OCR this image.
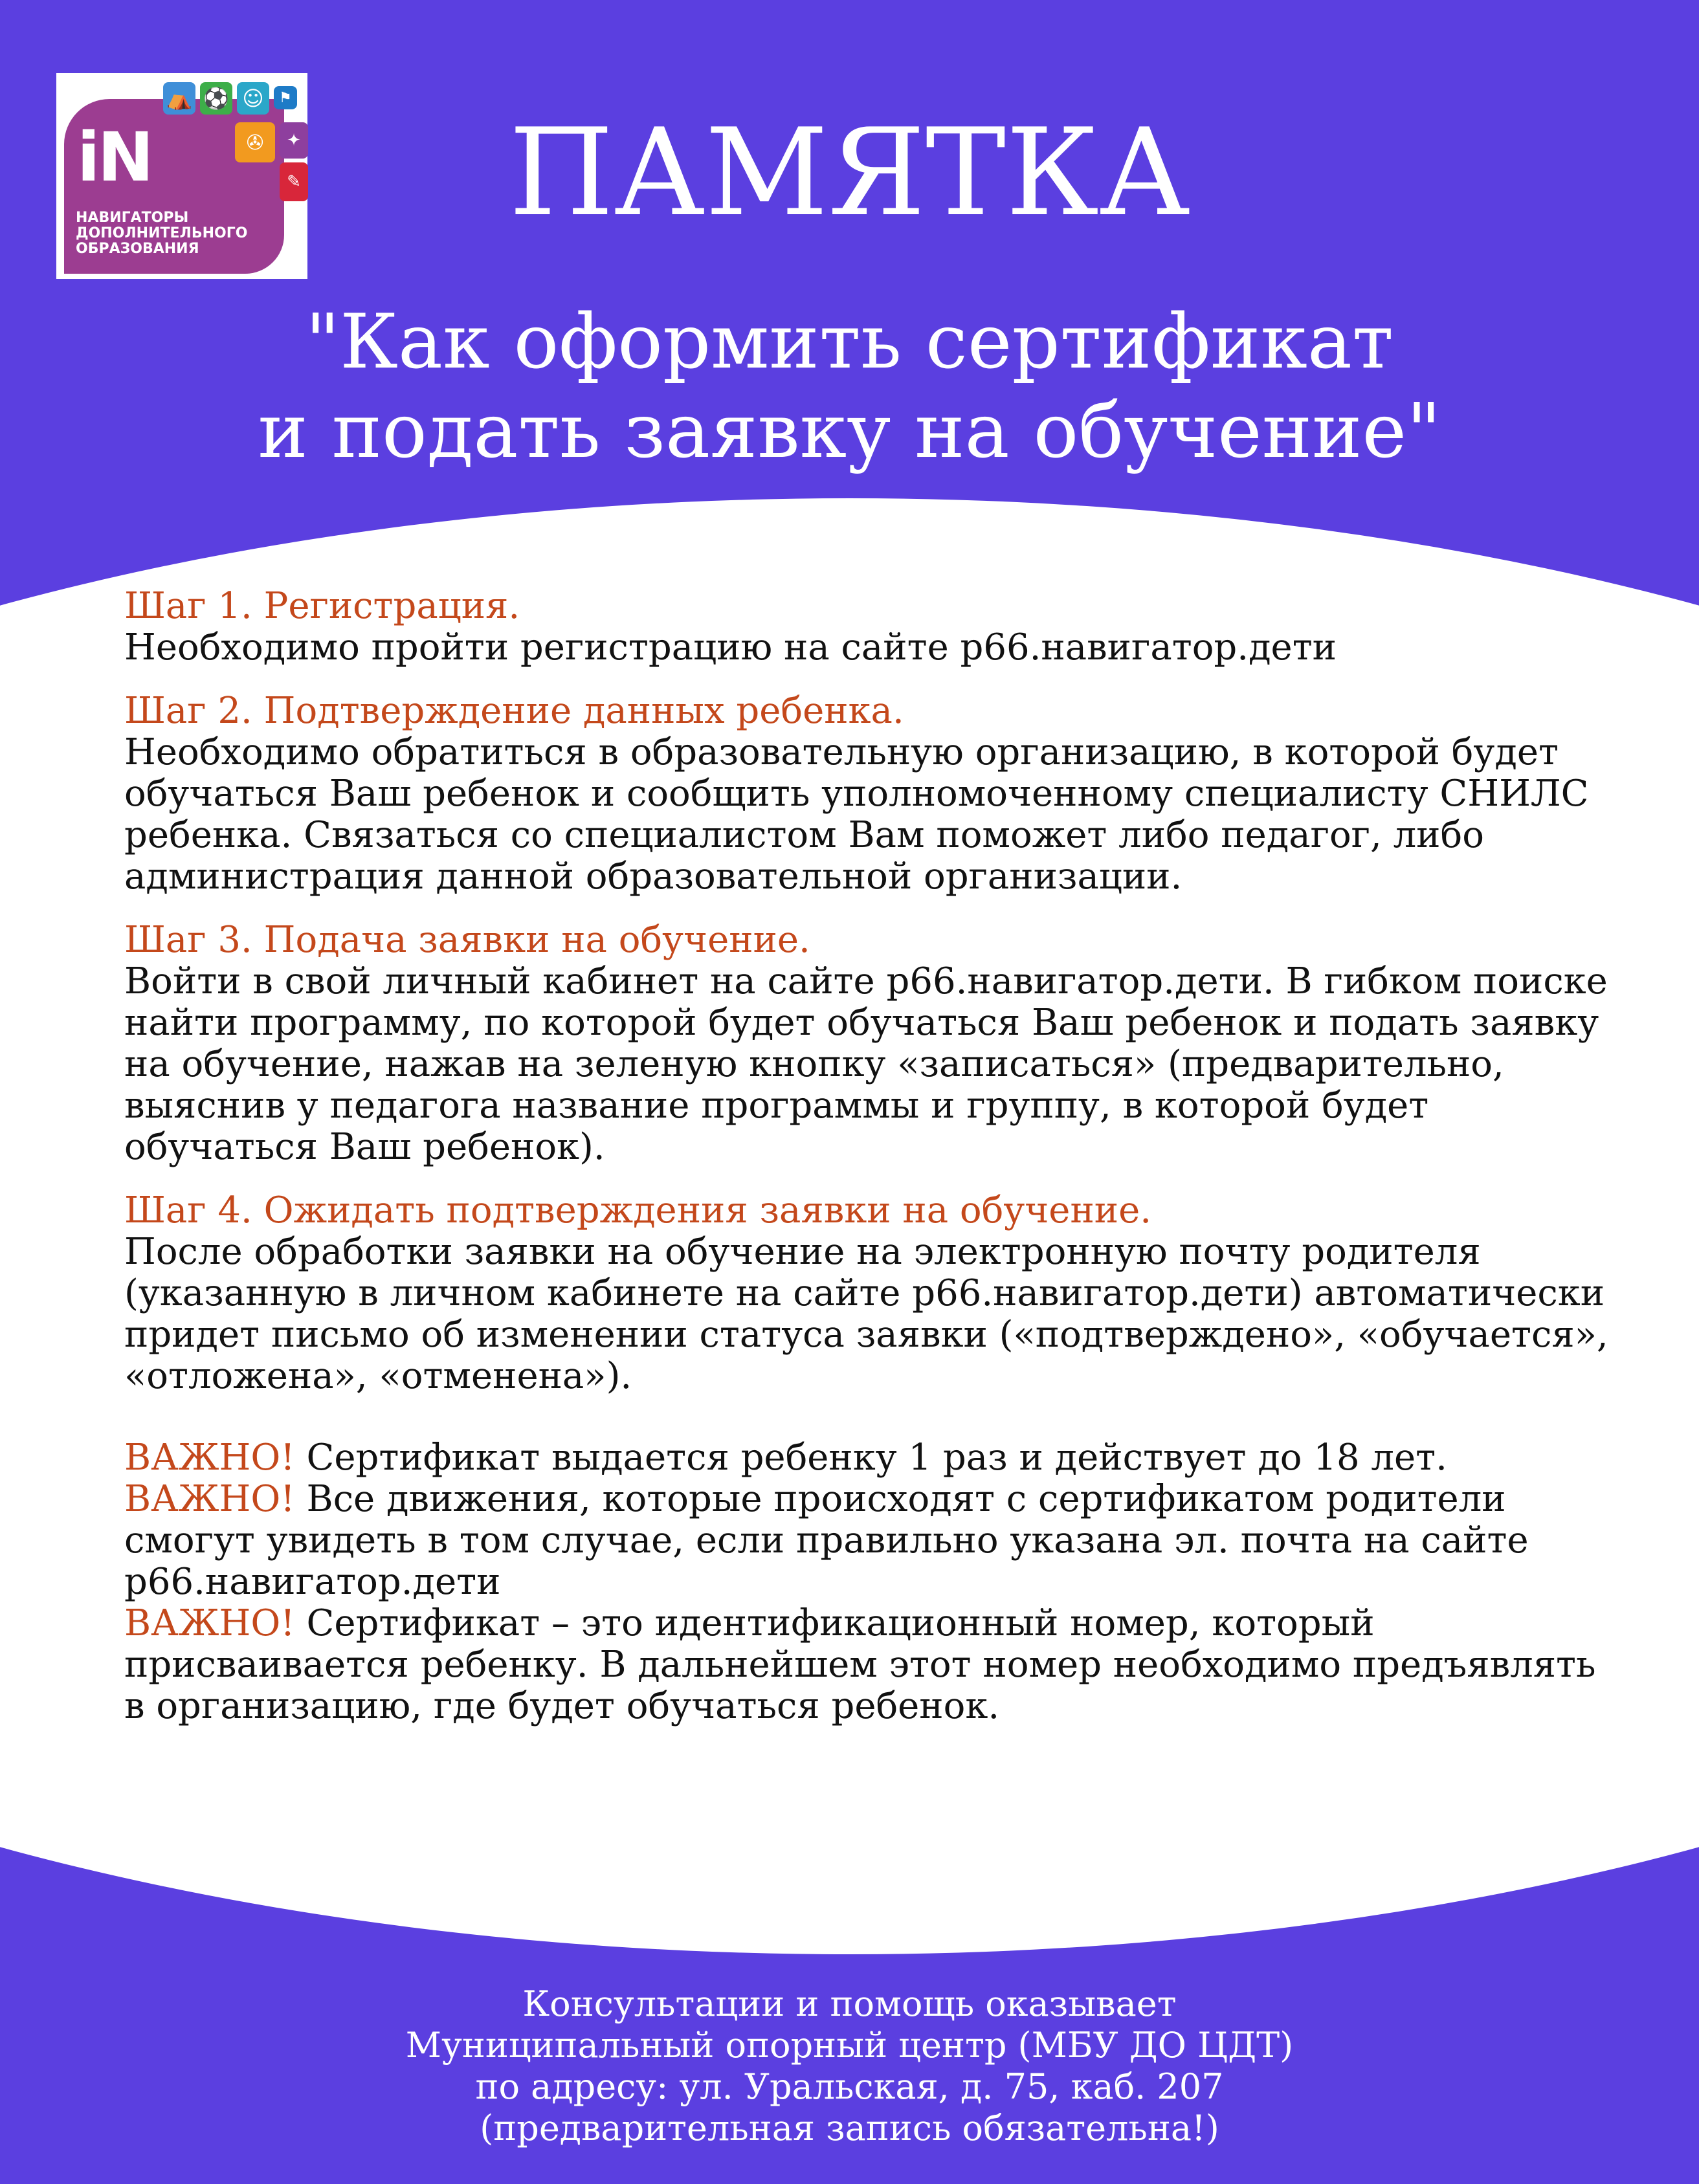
iN
НАВИГАТОРЫ ДОПОЛНИТЕЛЬНОГО ОБРАЗОВАНИЯ
⛺ ⚽ ☺	⚑
✇	✦
✎	ПАМЯТКА
"Как оформить сертификат
и подать заявку на обучение"

Шаг 1. Регистрация.

Необходимо пройти регистрацию на сайте р66.навигатор.дети

Шаг 2. Подтверждение данных ребенка.

Необходимо обратиться в образовательную организацию, в которой будет обучаться Ваш ребенок и сообщить уполномоченному специалисту СНИЛС ребенка. Связаться со специалистом Вам поможет либо педагог, либо администрация данной образовательной организации.

Шаг 3. Подача заявки на обучение.

Войти в свой личный кабинет на сайте р66.навигатор.дети. В гибком поиске найти программу, по которой будет обучаться Ваш ребенок и подать заявку на обучение, нажав на зеленую кнопку «записаться» (предварительно, выяснив у педагога название программы и группу, в которой будет обучаться Ваш ребенок).

Шаг 4. Ожидать подтверждения заявки на обучение.

После обработки заявки на обучение на электронную почту родителя (указанную в личном кабинете на сайте р66.навигатор.дети) автоматически придет письмо об изменении статуса заявки («подтверждено», «обучается», «отложена», «отменена»).

ВАЖНО! Сертификат выдается ребенку 1 раз и действует до 18 лет.

ВАЖНО! Все движения, которые происходят с сертификатом родители смогут увидеть в том случае, если правильно указана эл. почта на сайте р66.навигатор.дети

ВАЖНО! Сертификат – это идентификационный номер, который присваивается ребенку. В дальнейшем этот номер необходимо предъявлять в организацию, где будет обучаться ребенок.

Консультации и помощь оказывает

Муниципальный опорный центр (МБУ ДО ЦДТ)

по адресу: ул. Уральская, д. 75, каб. 207

(предварительная запись обязательна!)
